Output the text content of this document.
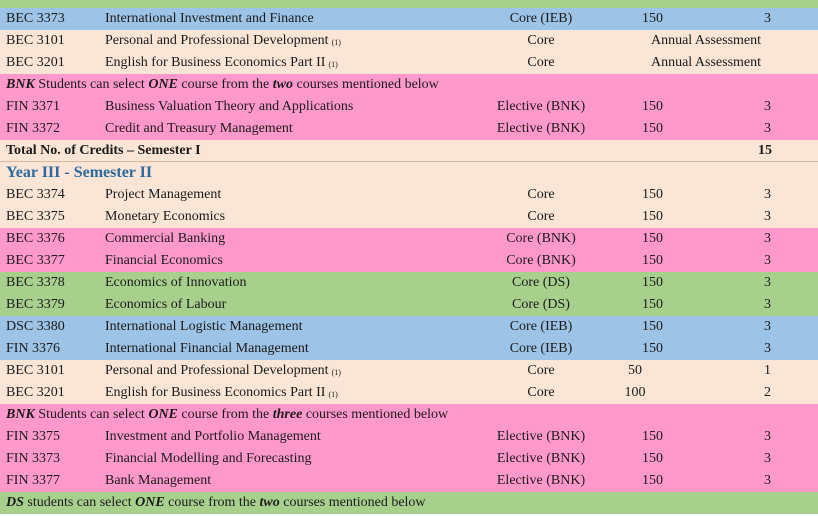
BEC 3373	International Investment and Finance	Core (IEB)	150	3
BEC 3101	Personal and Professional Development $^{(1)}$	Core	Annual Assessment
BEC 3201	English for Business Economics Part II $^{(1)}$	Core	Annual Assessment
BNK Students can select ONE course from the two courses mentioned below
FIN 3371	Business Valuation Theory and Applications	Elective (BNK)	150	3
FIN 3372	Credit and Treasury Management	Elective (BNK)	150	3
Total No. of Credits – Semester I	15
Year III - Semester II
BEC 3374	Project Management	Core	150	3
BEC 3375	Monetary Economics	Core	150	3
BEC 3376	Commercial Banking	Core (BNK)	150	3
BEC 3377	Financial Economics	Core (BNK)	150	3
BEC 3378	Economics of Innovation	Core (DS)	150	3
BEC 3379	Economics of Labour	Core (DS)	150	3
DSC 3380	International Logistic Management	Core (IEB)	150	3
FIN 3376	International Financial Management	Core (IEB)	150	3
BEC 3101	Personal and Professional Development $^{(1)}$	Core	50	1
BEC 3201	English for Business Economics Part II $^{(1)}$	Core	100	2
BNK Students can select ONE course from the three courses mentioned below
FIN 3375	Investment and Portfolio Management	Elective (BNK)	150	3
FIN 3373	Financial Modelling and Forecasting	Elective (BNK)	150	3
FIN 3377	Bank Management	Elective (BNK)	150	3
DS students can select ONE course from the two courses mentioned below
